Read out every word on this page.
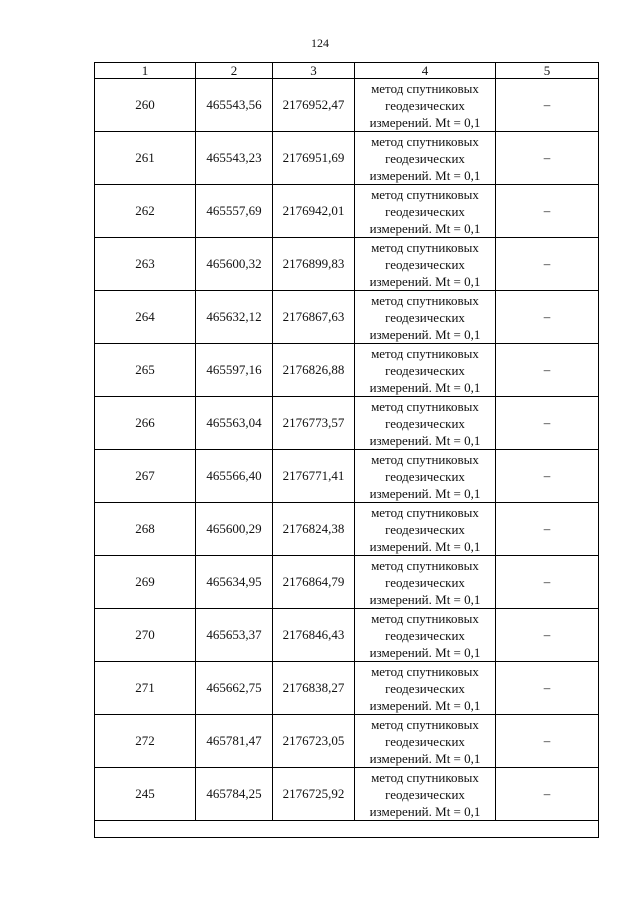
124
1	2	3	4	5
260	465543,56	2176952,47	метод спутниковых
геодезических
измерений. Mt = 0,1	–
261	465543,23	2176951,69	метод спутниковых
геодезических
измерений. Mt = 0,1	–
262	465557,69	2176942,01	метод спутниковых
геодезических
измерений. Mt = 0,1	–
263	465600,32	2176899,83	метод спутниковых
геодезических
измерений. Mt = 0,1	–
264	465632,12	2176867,63	метод спутниковых
геодезических
измерений. Mt = 0,1	–
265	465597,16	2176826,88	метод спутниковых
геодезических
измерений. Mt = 0,1	–
266	465563,04	2176773,57	метод спутниковых
геодезических
измерений. Mt = 0,1	–
267	465566,40	2176771,41	метод спутниковых
геодезических
измерений. Mt = 0,1	–
268	465600,29	2176824,38	метод спутниковых
геодезических
измерений. Mt = 0,1	–
269	465634,95	2176864,79	метод спутниковых
геодезических
измерений. Mt = 0,1	–
270	465653,37	2176846,43	метод спутниковых
геодезических
измерений. Mt = 0,1	–
271	465662,75	2176838,27	метод спутниковых
геодезических
измерений. Mt = 0,1	–
272	465781,47	2176723,05	метод спутниковых
геодезических
измерений. Mt = 0,1	–
245	465784,25	2176725,92	метод спутниковых
геодезических
измерений. Mt = 0,1	–
